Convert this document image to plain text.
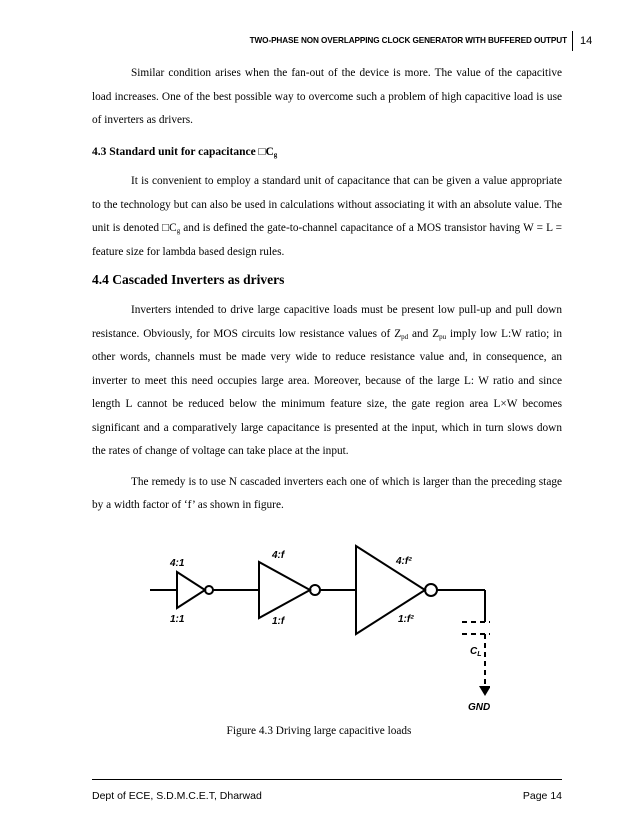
TWO-PHASE NON OVERLAPPING CLOCK GENERATOR WITH BUFFERED OUTPUT 14

Similar condition arises when the fan-out of the device is more. The value of the capacitive load increases. One of the best possible way to overcome such a problem of high capacitive load is use of inverters as drivers.

4.3 Standard unit for capacitance $□C_g$

It is convenient to employ a standard unit of capacitance that can be given a value appropriate to the technology but can also be used in calculations without associating it with an absolute value. The unit is denoted $□C_g$ and is defined the gate-to-channel capacitance of a MOS transistor having W = L = feature size for lambda based design rules.

4.4 Cascaded Inverters as drivers

Inverters intended to drive large capacitive loads must be present low pull-up and pull down resistance. Obviously, for MOS circuits low resistance values of $Z_{pd}$ and $Z_{pu}$ imply low L:W ratio; in other words, channels must be made very wide to reduce resistance value and, in consequence, an inverter to meet this need occupies large area. Moreover, because of the large L: W ratio and since length L cannot be reduced below the minimum feature size, the gate region area L×W becomes significant and a comparatively large capacitance is presented at the input, which in turn slows down the rates of change of voltage can take place at the input.

The remedy is to use N cascaded inverters each one of which is larger than the preceding stage by a width factor of ‘f’ as shown in figure.

4:1
1:1
4:f
1:f
4:f²
1:f²
$C_L$
GND
Figure 4.3 Driving large capacitive loads
Dept of ECE, S.D.M.C.E.T, Dharwad	Page 14
